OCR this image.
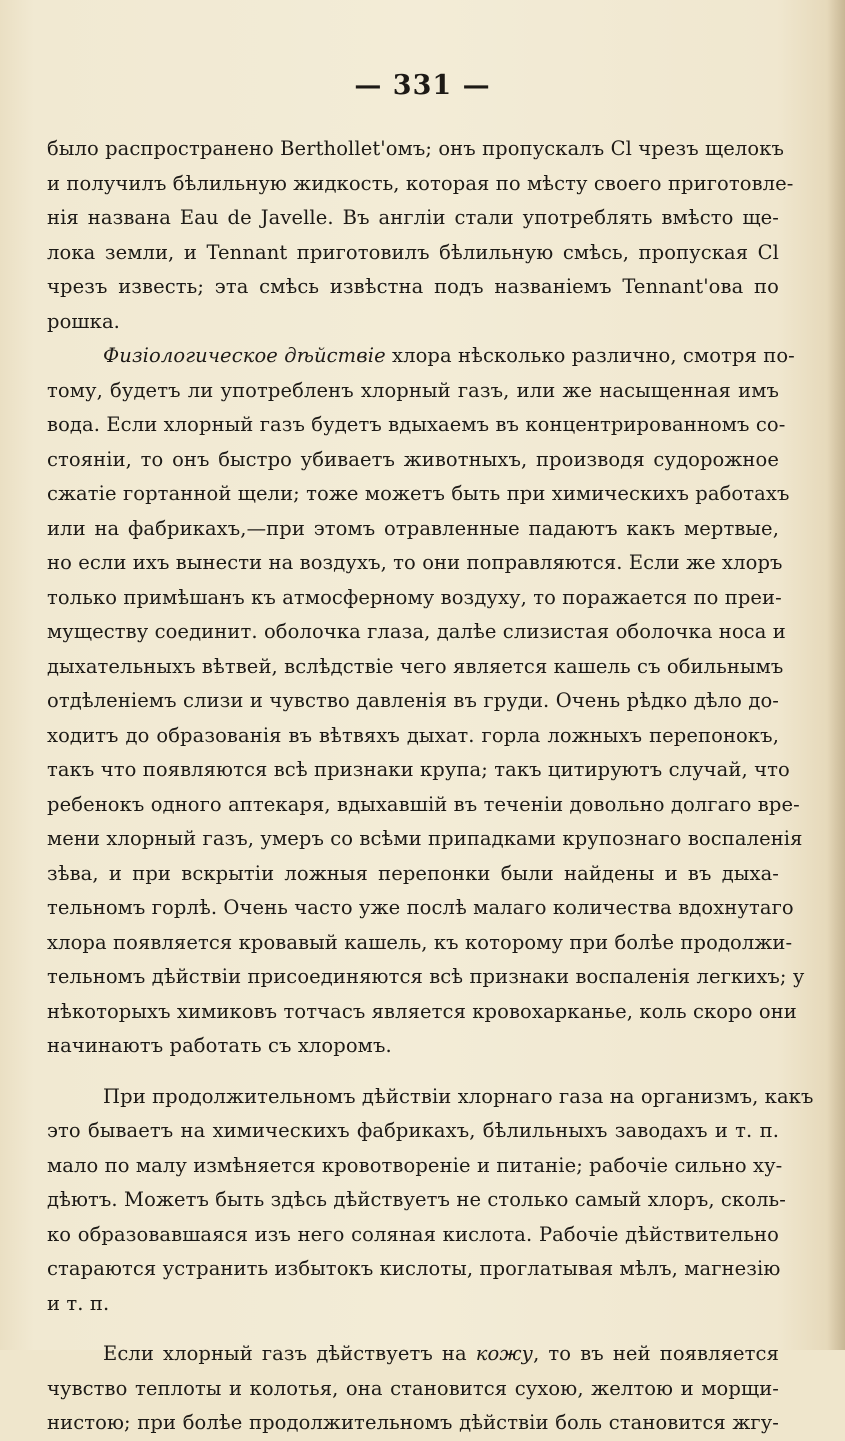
— 331 —
было распространено Berthollet'омъ; онъ пропускалъ Cl чрезъ щелокъ
и получилъ бѣлильную жидкость, которая по мѣсту своего приготовле-
нія названа Eau de Javelle. Въ англіи стали употреблять вмѣсто ще-
лока земли, и Tennant приготовилъ бѣлильную смѣсь, пропуская Cl
чрезъ известь; эта смѣсь извѣстна подъ названіемъ Tennant'ова по
рошка.
Физiологическое дѣйствіе хлора нѣсколько различно, смотря по-
тому, будетъ ли употребленъ хлорный газъ, или же насыщенная имъ
вода. Если хлорный газъ будетъ вдыхаемъ въ концентрированномъ со-
стояніи, то онъ быстро убиваетъ животныхъ, производя судорожное
сжатіе гортанной щели; тоже можетъ быть при химическихъ работахъ
или на фабрикахъ,—при этомъ отравленные падаютъ какъ мертвые,
но если ихъ вынести на воздухъ, то они поправляются. Если же хлоръ
только примѣшанъ къ атмосферному воздуху, то поражается по преи-
муществу соединит. оболочка глаза, далѣе слизистая оболочка носа и
дыхательныхъ вѣтвей, вслѣдствіе чего является кашель съ обильнымъ
отдѣленіемъ слизи и чувство давленія въ груди. Очень рѣдко дѣло до-
ходитъ до образованія въ вѣтвяхъ дыхат. горла ложныхъ перепонокъ,
такъ что появляются всѣ признаки крупа; такъ цитируютъ случай, что
ребенокъ одного аптекаря, вдыхавшій въ теченіи довольно долгаго вре-
мени хлорный газъ, умеръ со всѣми припадками крупознаго воспаленія
зѣва, и при вскрытіи ложныя перепонки были найдены и въ дыха-
тельномъ горлѣ. Очень часто уже послѣ малаго количества вдохнутаго
хлора появляется кровавый кашель, къ которому при болѣе продолжи-
тельномъ дѣйствіи присоединяются всѣ признаки воспаленія легкихъ; у
нѣкоторыхъ химиковъ тотчасъ является кровохарканье, коль скоро они
начинаютъ работать съ хлоромъ.
При продолжительномъ дѣйствіи хлорнаго газа на организмъ, какъ
это бываетъ на химическихъ фабрикахъ, бѣлильныхъ заводахъ и т. п.
мало по малу измѣняется кровотвореніе и питаніе; рабочіе сильно ху-
дѣютъ. Можетъ быть здѣсь дѣйствуетъ не столько самый хлоръ, сколь-
ко образовавшаяся изъ него соляная кислота. Рабочіе дѣйствительно
стараются устранить избытокъ кислоты, проглатывая мѣлъ, магнезію
и т. п.
Если хлорный газъ дѣйствуетъ на кожу, то въ ней появляется
чувство теплоты и колотья, она становится сухою, желтою и морщи-
нистою; при болѣе продолжительномъ дѣйствіи боль становится жгу-
